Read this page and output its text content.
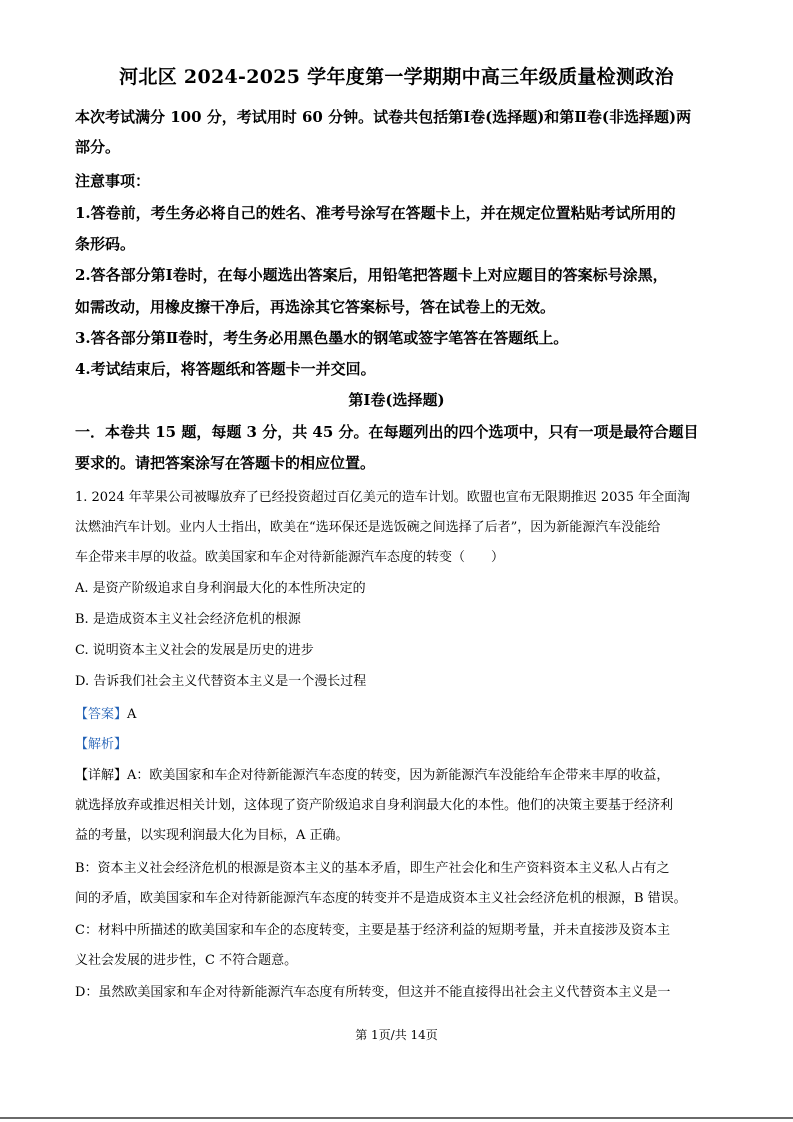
河北区 2024-2025 学年度第一学期期中高三年级质量检测政治
本次考试满分 100 分，考试用时 60 分钟。试卷共包括第Ⅰ卷(选择题)和第Ⅱ卷(非选择题)两
部分。
注意事项：
1.答卷前，考生务必将自己的姓名、准考号涂写在答题卡上，并在规定位置粘贴考试所用的
条形码。
2.答各部分第Ⅰ卷时，在每小题选出答案后，用铅笔把答题卡上对应题目的答案标号涂黑，
如需改动，用橡皮擦干净后，再选涂其它答案标号，答在试卷上的无效。
3.答各部分第Ⅱ卷时，考生务必用黑色墨水的钢笔或签字笔答在答题纸上。
4.考试结束后，将答题纸和答题卡一并交回。
第Ⅰ卷(选择题)
一．本卷共 15 题，每题 3 分，共 45 分。在每题列出的四个选项中，只有一项是最符合题目
要求的。请把答案涂写在答题卡的相应位置。
1. 2024 年苹果公司被曝放弃了已经投资超过百亿美元的造车计划。欧盟也宣布无限期推迟 2035 年全面淘
汰燃油汽车计划。业内人士指出，欧美在“选环保还是选饭碗之间选择了后者”，因为新能源汽车没能给
车企带来丰厚的收益。欧美国家和车企对待新能源汽车态度的转变（　　）
A. 是资产阶级追求自身利润最大化的本性所决定的
B. 是造成资本主义社会经济危机的根源
C. 说明资本主义社会的发展是历史的进步
D. 告诉我们社会主义代替资本主义是一个漫长过程
【答案】A
【解析】
【详解】A：欧美国家和车企对待新能源汽车态度的转变，因为新能源汽车没能给车企带来丰厚的收益，
就选择放弃或推迟相关计划，这体现了资产阶级追求自身利润最大化的本性。他们的决策主要基于经济利
益的考量，以实现利润最大化为目标，A 正确。
B：资本主义社会经济危机的根源是资本主义的基本矛盾，即生产社会化和生产资料资本主义私人占有之
间的矛盾，欧美国家和车企对待新能源汽车态度的转变并不是造成资本主义社会经济危机的根源，B 错误。
C：材料中所描述的欧美国家和车企的态度转变，主要是基于经济利益的短期考量，并未直接涉及资本主
义社会发展的进步性，C 不符合题意。
D：虽然欧美国家和车企对待新能源汽车态度有所转变，但这并不能直接得出社会主义代替资本主义是一
第 1页/共 14页
